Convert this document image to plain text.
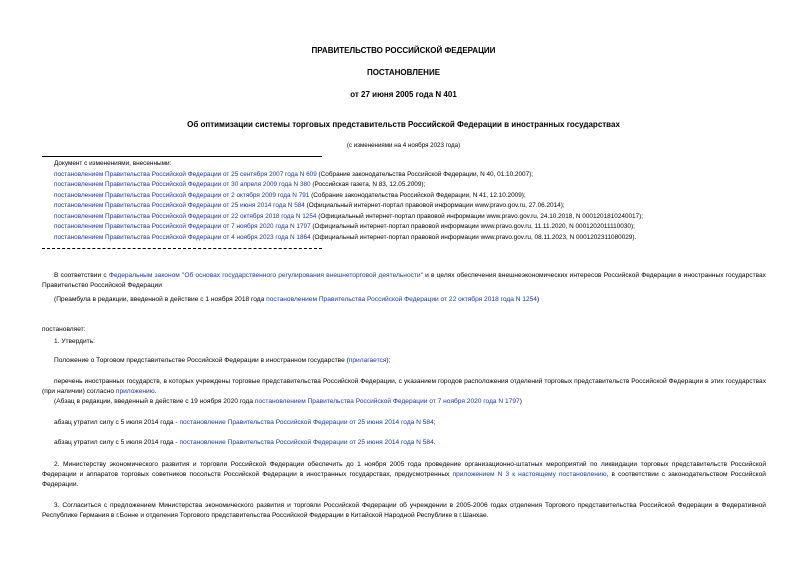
ПРАВИТЕЛЬСТВО РОССИЙСКОЙ ФЕДЕРАЦИИ
ПОСТАНОВЛЕНИЕ
от 27 июня 2005 года N 401
Об оптимизации системы торговых представительств Российской Федерации в иностранных государствах
(с изменениями на 4 ноября 2023 года)
Документ с изменениями, внесенными:
постановлением Правительства Российской Федерации от 25 сентября 2007 года N 609 (Собрание законодательства Российской Федерации, N 40, 01.10.2007);
постановлением Правительства Российской Федерации от 30 апреля 2009 года N 380 (Российская газета, N 83, 12.05.2009);
постановлением Правительства Российской Федерации от 2 октября 2009 года N 791 (Собрание законодательства Российской Федерации, N 41, 12.10.2009);
постановлением Правительства Российской Федерации от 25 июня 2014 года N 584 (Официальный интернет-портал правовой информации www.pravo.gov.ru, 27.06.2014);
постановлением Правительства Российской Федерации от 22 октября 2018 года N 1254 (Официальный интернет-портал правовой информации www.pravo.gov.ru, 24.10.2018, N 0001201810240017);
постановлением Правительства Российской Федерации от 7 ноября 2020 года N 1797 (Официальный интернет-портал правовой информации www.pravo.gov.ru, 11.11.2020, N 0001202011110030);
постановлением Правительства Российской Федерации от 4 ноября 2023 года N 1864 (Официальный интернет-портал правовой информации www.pravo.gov.ru, 08.11.2023, N 0001202311080029).
В соответствии с Федеральным законом "Об основах государственного регулирования внешнеторговой деятельности" и в целях обеспечения внешнеэкономических интересов Российской Федерации в иностранных государствах Правительство Российской Федерации
(Преамбула в редакции, введенной в действие с 1 ноября 2018 года постановлением Правительства Российской Федерации от 22 октября 2018 года N 1254)
постановляет:
1. Утвердить:
Положение о Торговом представительстве Российской Федерации в иностранном государстве (прилагается);
перечень иностранных государств, в которых учреждены торговые представительства Российской Федерации, с указанием городов расположения отделений торговых представительств Российской Федерации в этих государствах (при наличии) согласно приложению.
(Абзац в редакции, введенный в действие с 19 ноября 2020 года постановлением Правительства Российской Федерации от 7 ноября 2020 года N 1797)
абзац утратил силу с 5 июля 2014 года - постановление Правительства Российской Федерации от 25 июня 2014 года N 584;
абзац утратил силу с 5 июля 2014 года - постановление Правительства Российской Федерации от 25 июня 2014 года N 584.
2. Министерству экономического развития и торговли Российской Федерации обеспечить до 1 ноября 2005 года проведение организационно-штатных мероприятий по ликвидации торговых представительств Российской Федерации и аппаратов торговых советников посольств Российской Федерации в иностранных государствах, предусмотренных приложением N 3 к настоящему постановлению, в соответствии с законодательством Российской Федерации.
3. Согласиться с предложением Министерства экономического развития и торговли Российской Федерации об учреждении в 2005-2006 годах отделения Торгового представительства Российской Федерации в Федеративной Республике Германия в г.Бонне и отделения Торгового представительства Российской Федерации в Китайской Народной Республике в г.Шанхае.
